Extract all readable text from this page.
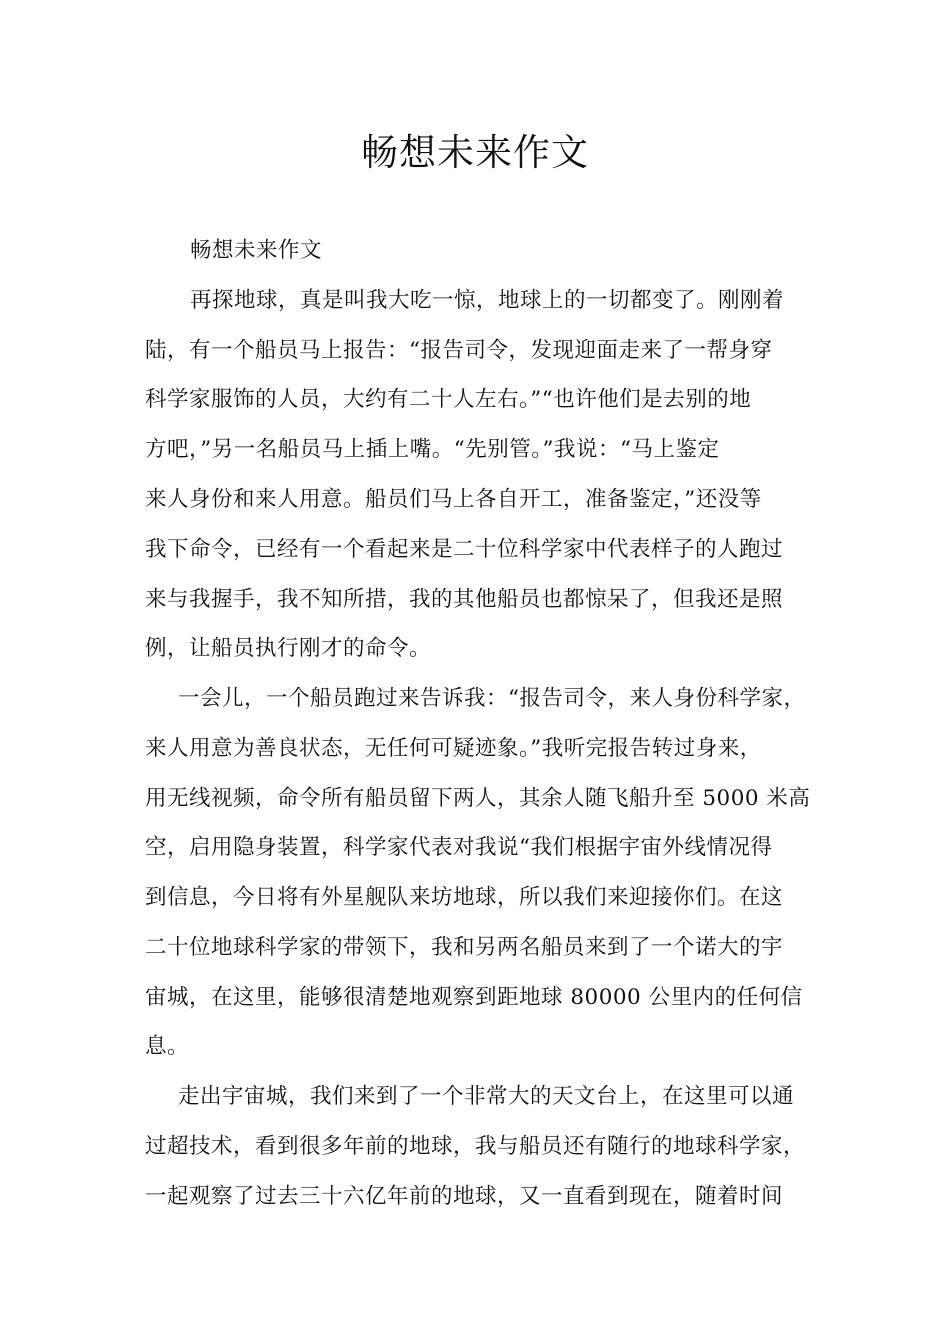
畅想未来作文
畅想未来作文
再探地球，真是叫我大吃一惊，地球上的一切都变了。刚刚着
陆，有一个船员马上报告：“报告司令，发现迎面走来了一帮身穿
科学家服饰的人员，大约有二十人左右。”“也许他们是去别的地
方吧，”另一名船员马上插上嘴。“先别管。”我说：“马上鉴定
来人身份和来人用意。船员们马上各自开工，准备鉴定，”还没等
我下命令，已经有一个看起来是二十位科学家中代表样子的人跑过
来与我握手，我不知所措，我的其他船员也都惊呆了，但我还是照
例，让船员执行刚才的命令。
一会儿，一个船员跑过来告诉我：“报告司令，来人身份科学家，
来人用意为善良状态，无任何可疑迹象。”我听完报告转过身来，
用无线视频，命令所有船员留下两人，其余人随飞船升至 5000 米高
空，启用隐身装置，科学家代表对我说“我们根据宇宙外线情况得
到信息，今日将有外星舰队来坊地球，所以我们来迎接你们。在这
二十位地球科学家的带领下，我和另两名船员来到了一个诺大的宇
宙城，在这里，能够很清楚地观察到距地球 80000 公里内的任何信
息。
走出宇宙城，我们来到了一个非常大的天文台上，在这里可以通
过超技术，看到很多年前的地球，我与船员还有随行的地球科学家，
一起观察了过去三十六亿年前的地球，又一直看到现在，随着时间
